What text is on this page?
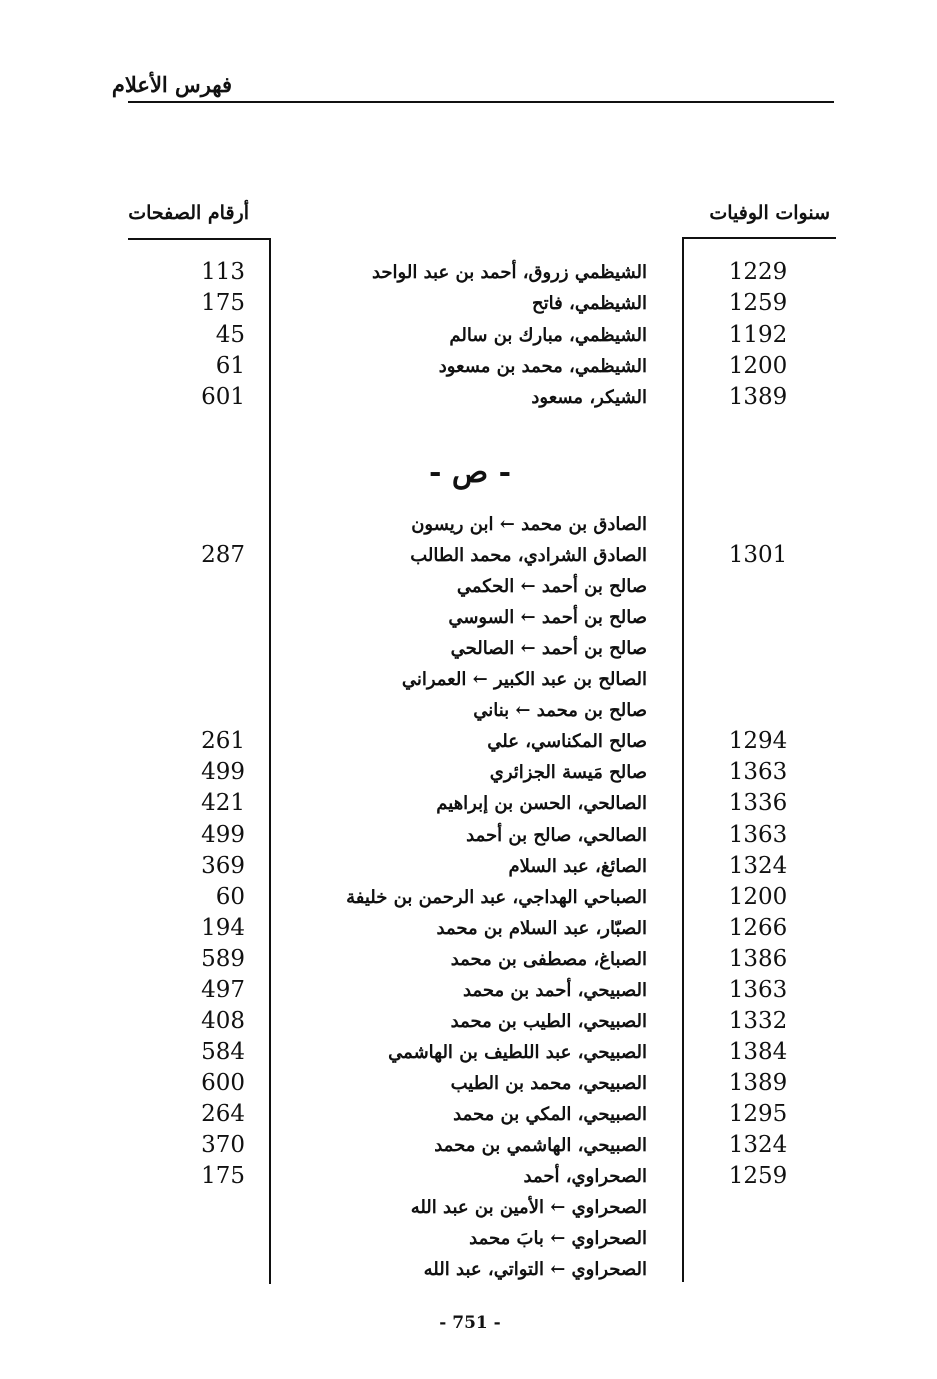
فهرس الأعلام
سنوات الوفيات
أرقام الصفحات
1229
الشيظمي زروق، أحمد بن عبد الواحد
113
1259
الشيظمي، فاتح
175
1192
الشيظمي، مبارك بن سالم
45
1200
الشيظمي، محمد بن مسعود
61
1389
الشيكر، مسعود
601
- ص -
الصادق بن محمد ← ابن ريسون
1301
الصادق الشرادي، محمد الطالب
287
صالح بن أحمد ← الحكمي
صالح بن أحمد ← السوسي
صالح بن أحمد ← الصالحي
الصالح بن عبد الكبير ← العمراني
صالح بن محمد ← بناني
1294
صالح المكناسي، علي
261
1363
صالح مَيسة الجزائري
499
1336
الصالحي، الحسن بن إبراهيم
421
1363
الصالحي، صالح بن أحمد
499
1324
الصائغ، عبد السلام
369
1200
الصباحي الهداجي، عبد الرحمن بن خليفة
60
1266
الصبّار، عبد السلام بن محمد
194
1386
الصباغ، مصطفى بن محمد
589
1363
الصبيحي، أحمد بن محمد
497
1332
الصبيحي، الطيب بن محمد
408
1384
الصبيحي، عبد اللطيف بن الهاشمي
584
1389
الصبيحي، محمد بن الطيب
600
1295
الصبيحي، المكي بن محمد
264
1324
الصبيحي، الهاشمي بن محمد
370
1259
الصحراوي، أحمد
175
الصحراوي ← الأمين بن عبد الله
الصحراوي ← بابَ محمد
الصحراوي ← التواتي، عبد الله
- 751 -
